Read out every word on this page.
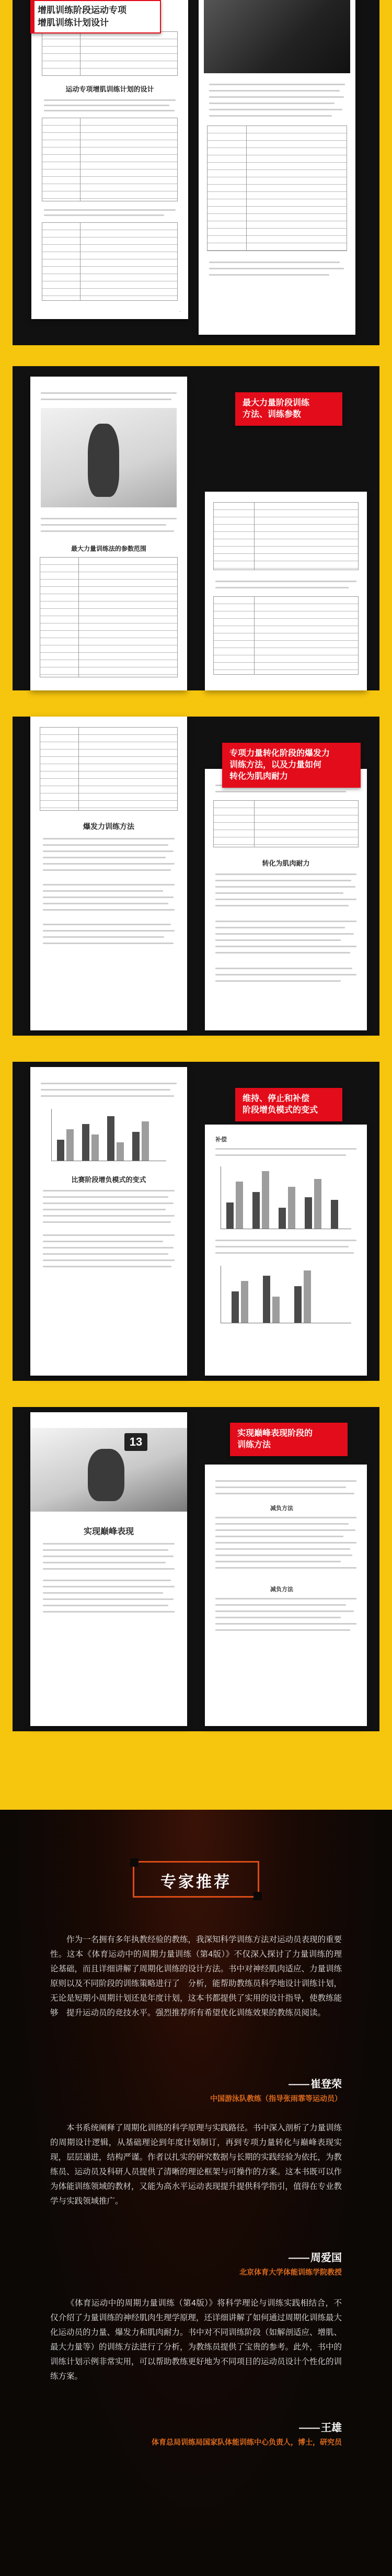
运动专项增肌训练计划的设计
·
增肌训练阶段运动专项
增肌训练计划设计
最大力量训练法的参数范围
最大力量阶段训练
方法、训练参数
爆发力训练方法
转化为肌肉耐力
专项力量转化阶段的爆发力
训练方法，以及力量如何
转化为肌肉耐力
比赛阶段增负模式的变式
补偿
维持、停止和补偿
阶段增负模式的变式
13
实现巅峰表现
减负方法
减负方法
实现巅峰表现阶段的
训练方法
专家推荐

作为一名拥有多年执教经验的教练，我深知科学训练方法对运动员表现的重要性。这本《体育运动中的周期力量训练（第4版）》不仅深入探讨了力量训练的理论基础，而且详细讲解了周期化训练的设计方法。书中对神经肌肉适应、力量训练原则以及不同阶段的训练策略进行了　分析，能帮助教练员科学地设计训练计划，无论是短期小周期计划还是年度计划，这本书都提供了实用的设计指导，使教练能够　提升运动员的竞技水平。强烈推荐所有希望优化训练效果的教练员阅读。

—— 崔登荣
中国游泳队教练（指导张雨霏等运动员）

本书系统阐释了周期化训练的科学原理与实践路径。书中深入剖析了力量训练的周期设计逻辑，从基础理论到年度计划制订，再到专项力量转化与巅峰表现实现，层层递进，结构严谨。作者以扎实的研究数据与长期的实践经验为依托，为教练员、运动员及科研人员提供了清晰的理论框架与可操作的方案。这本书既可以作为体能训练领域的教材，又能为高水平运动表现提升提供科学指引，值得在专业教学与实践领域推广。

—— 周爱国
北京体育大学体能训练学院教授

《体育运动中的周期力量训练（第4版）》将科学理论与训练实践相结合，不仅介绍了力量训练的神经肌肉生理学原理，还详细讲解了如何通过周期化训练最大化运动员的力量、爆发力和肌肉耐力。书中对不同训练阶段（如解剖适应、增肌、最大力量等）的训练方法进行了分析，为教练员提供了宝贵的参考。此外，书中的训练计划示例非常实用，可以帮助教练更好地为不同项目的运动员设计个性化的训练方案。

—— 王雄
体育总局训练局国家队体能训练中心负责人，博士，研究员
